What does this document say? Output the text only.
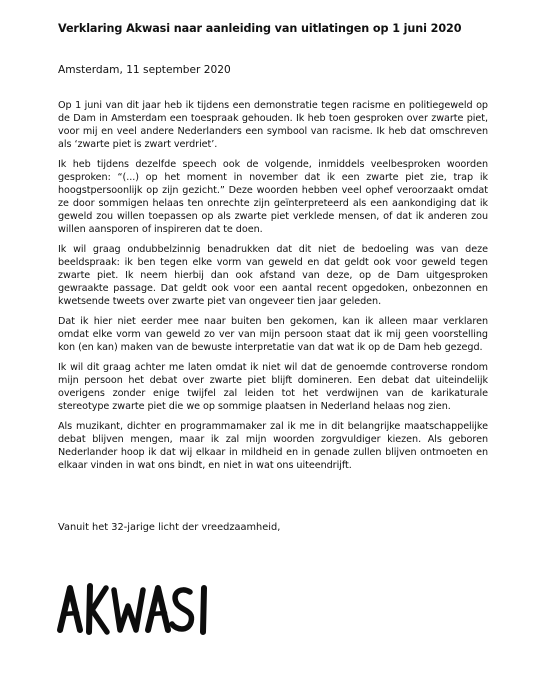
Verklaring Akwasi naar aanleiding van uitlatingen op 1 juni 2020
Amsterdam, 11 september 2020

Op 1 juni van dit jaar heb ik tijdens een demonstratie tegen racisme en politiegeweld op de Dam in Amsterdam een toespraak gehouden. Ik heb toen gesproken over zwarte piet, voor mij en veel andere Nederlanders een symbool van racisme. Ik heb dat omschreven als ‘zwarte piet is zwart verdriet’.

Ik heb tijdens dezelfde speech ook de volgende, inmiddels veelbesproken woorden gesproken: “(...) op het moment in november dat ik een zwarte piet zie, trap ik hoogstpersoonlijk op zijn gezicht.” Deze woorden hebben veel ophef veroorzaakt omdat ze door sommigen helaas ten onrechte zijn geïnterpreteerd als een aankondiging dat ik geweld zou willen toepassen op als zwarte piet verklede mensen, of dat ik anderen zou willen aansporen of inspireren dat te doen.

Ik wil graag ondubbelzinnig benadrukken dat dit niet de bedoeling was van deze beeldspraak: ik ben tegen elke vorm van geweld en dat geldt ook voor geweld tegen zwarte piet. Ik neem hierbij dan ook afstand van deze, op de Dam uitgesproken gewraakte passage. Dat geldt ook voor een aantal recent opgedoken, onbezonnen en kwetsende tweets over zwarte piet van ongeveer tien jaar geleden.

Dat ik hier niet eerder mee naar buiten ben gekomen, kan ik alleen maar verklaren omdat elke vorm van geweld zo ver van mijn persoon staat dat ik mij geen voorstelling kon (en kan) maken van de bewuste interpretatie van dat wat ik op de Dam heb gezegd.

Ik wil dit graag achter me laten omdat ik niet wil dat de genoemde controverse rondom mijn persoon het debat over zwarte piet blijft domineren. Een debat dat uiteindelijk overigens zonder enige twijfel zal leiden tot het verdwijnen van de karikaturale stereotype zwarte piet die we op sommige plaatsen in Nederland helaas nog zien.

Als muzikant, dichter en programmamaker zal ik me in dit belangrijke maatschappelijke debat blijven mengen, maar ik zal mijn woorden zorgvuldiger kiezen. Als geboren Nederlander hoop ik dat wij elkaar in mildheid en in genade zullen blijven ontmoeten en elkaar vinden in wat ons bindt, en niet in wat ons uiteendrijft.

Vanuit het 32-jarige licht der vreedzaamheid,
